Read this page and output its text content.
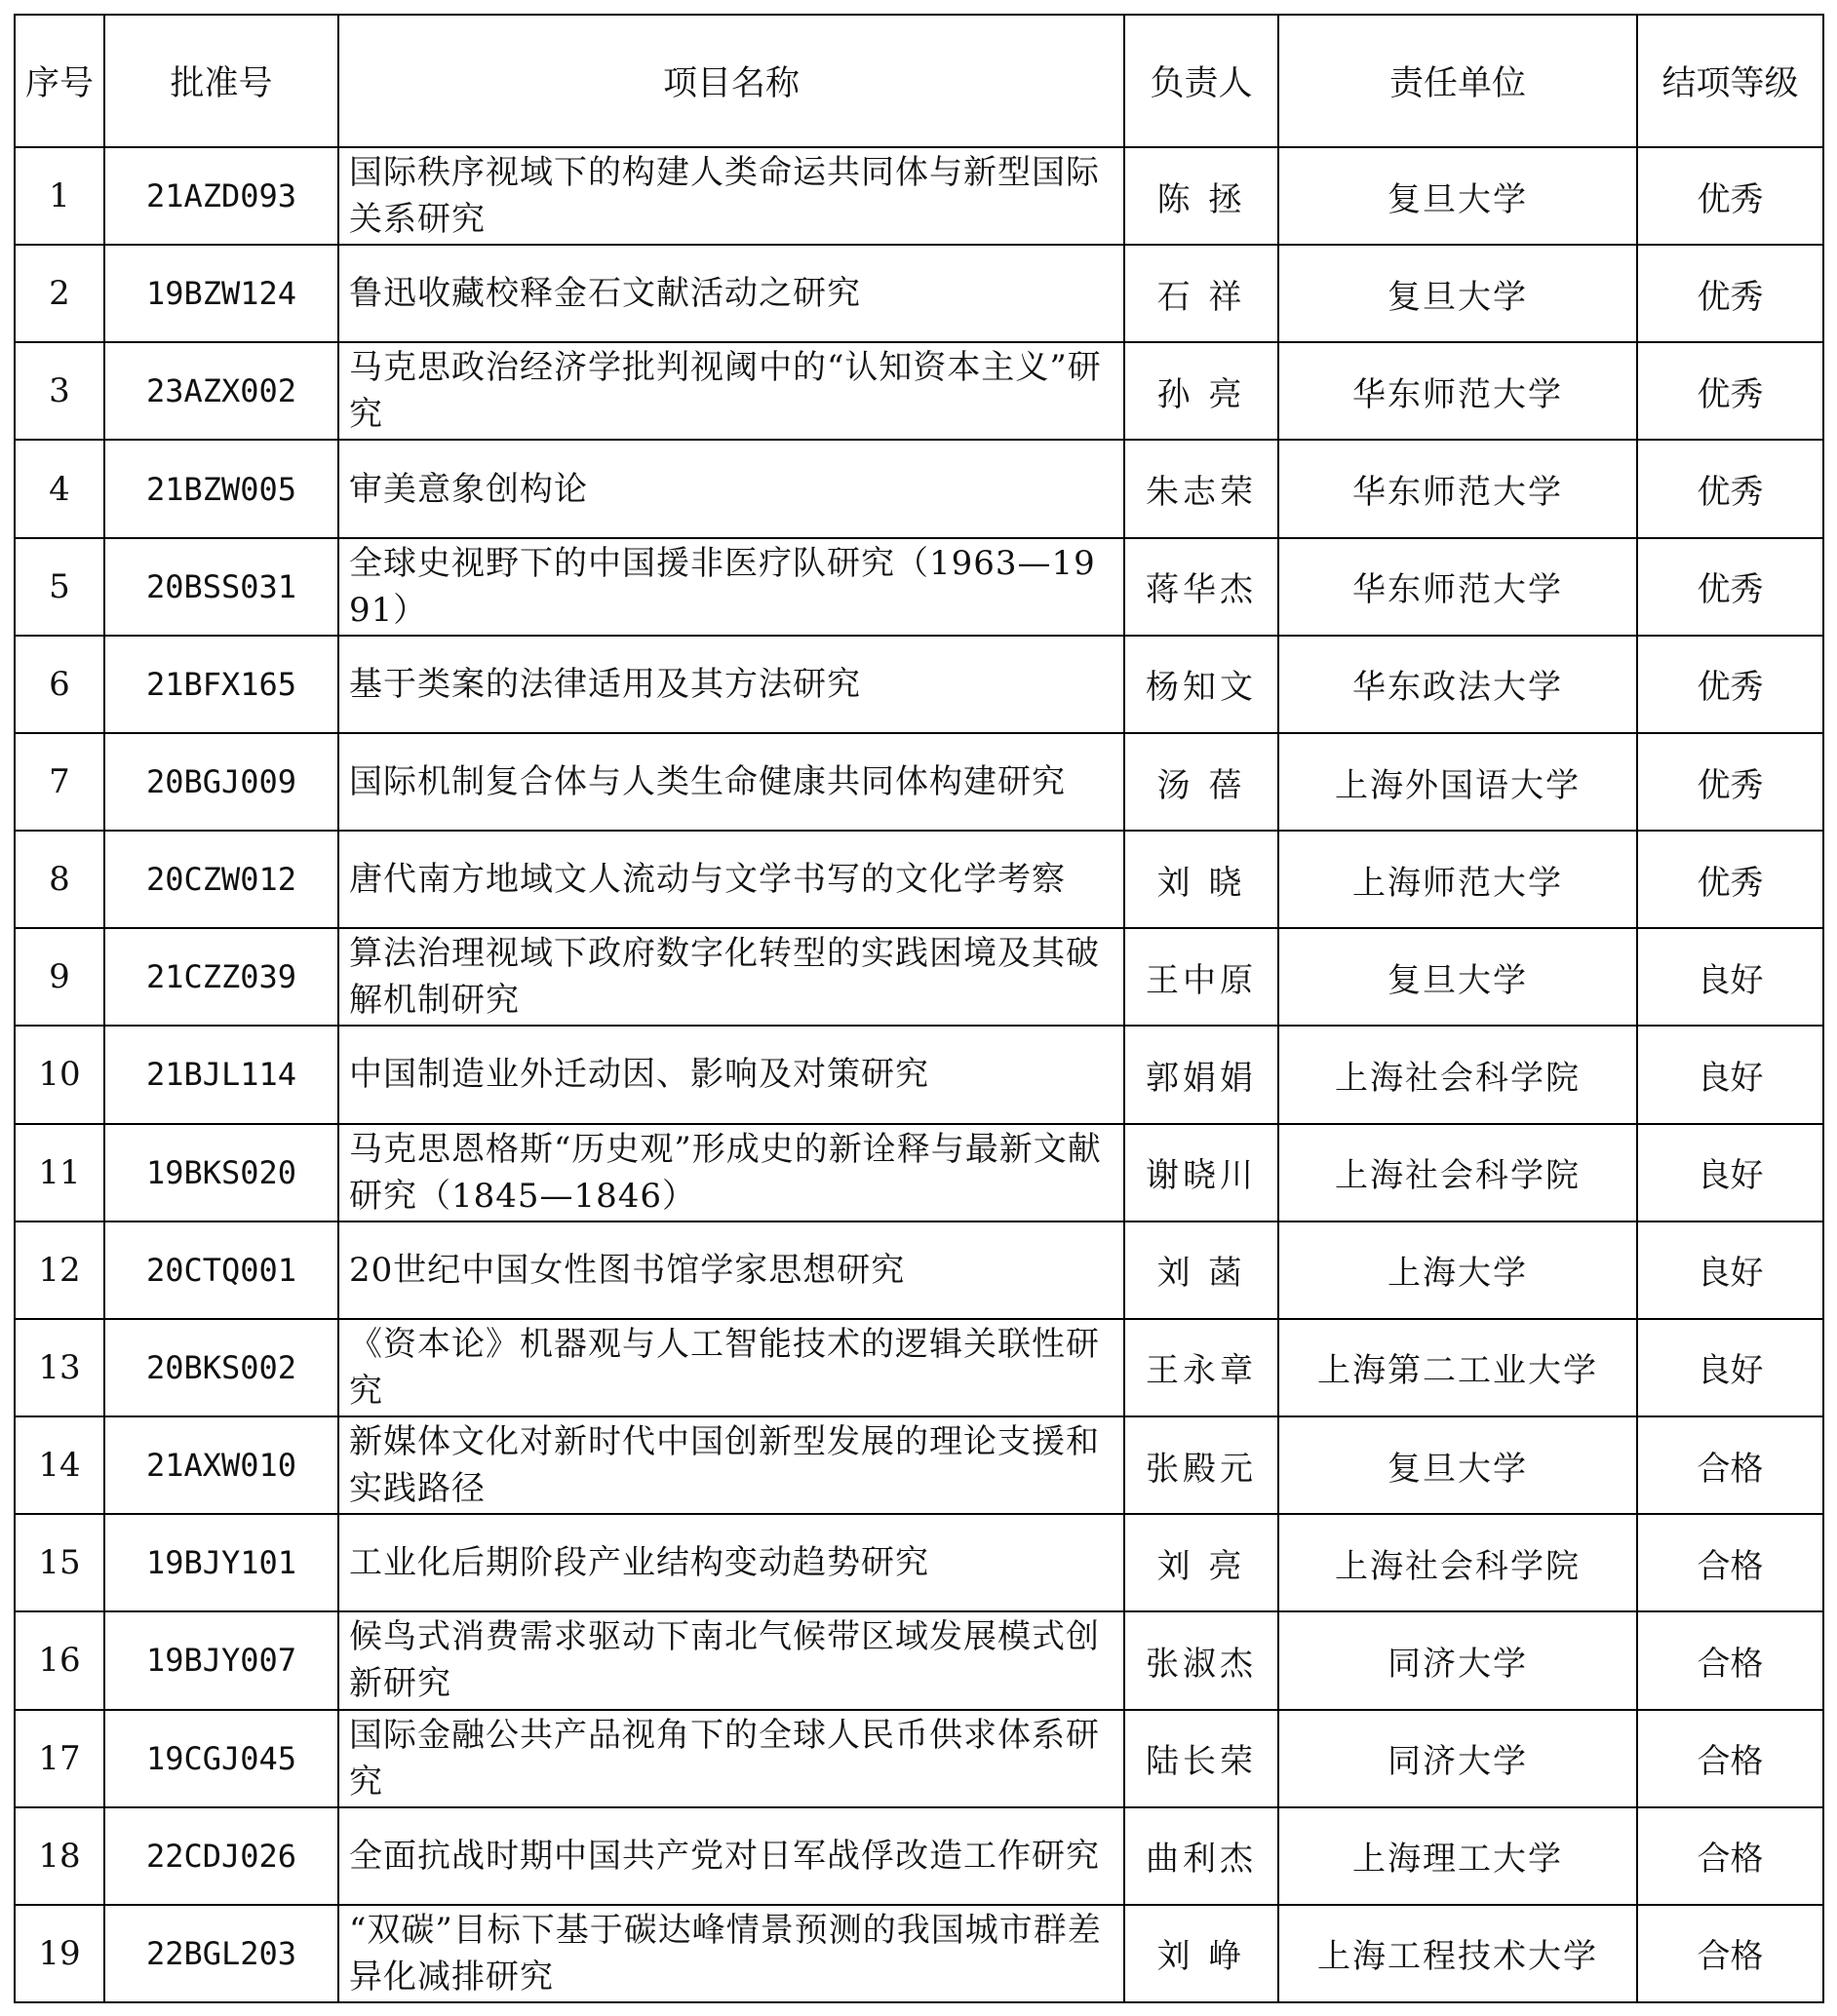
序号	批准号	项目名称	负责人	责任单位	结项等级
1	21AZD093	国际秩序视域下的构建人类命运共同体与新型国际关系研究	陈 拯	复旦大学	优秀
2	19BZW124	鲁迅收藏校释金石文献活动之研究	石 祥	复旦大学	优秀
3	23AZX002	马克思政治经济学批判视阈中的“认知资本主义”研究	孙 亮	华东师范大学	优秀
4	21BZW005	审美意象创构论	朱志荣	华东师范大学	优秀
5	20BSS031	全球史视野下的中国援非医疗队研究（1963—1991）	蒋华杰	华东师范大学	优秀
6	21BFX165	基于类案的法律适用及其方法研究	杨知文	华东政法大学	优秀
7	20BGJ009	国际机制复合体与人类生命健康共同体构建研究	汤 蓓	上海外国语大学	优秀
8	20CZW012	唐代南方地域文人流动与文学书写的文化学考察	刘 晓	上海师范大学	优秀
9	21CZZ039	算法治理视域下政府数字化转型的实践困境及其破解机制研究	王中原	复旦大学	良好
10	21BJL114	中国制造业外迁动因、影响及对策研究	郭娟娟	上海社会科学院	良好
11	19BKS020	马克思恩格斯“历史观”形成史的新诠释与最新文献研究（1845—1846）	谢晓川	上海社会科学院	良好
12	20CTQ001	20世纪中国女性图书馆学家思想研究	刘 菡	上海大学	良好
13	20BKS002	《资本论》机器观与人工智能技术的逻辑关联性研究	王永章	上海第二工业大学	良好
14	21AXW010	新媒体文化对新时代中国创新型发展的理论支援和实践路径	张殿元	复旦大学	合格
15	19BJY101	工业化后期阶段产业结构变动趋势研究	刘 亮	上海社会科学院	合格
16	19BJY007	候鸟式消费需求驱动下南北气候带区域发展模式创新研究	张淑杰	同济大学	合格
17	19CGJ045	国际金融公共产品视角下的全球人民币供求体系研究	陆长荣	同济大学	合格
18	22CDJ026	全面抗战时期中国共产党对日军战俘改造工作研究	曲利杰	上海理工大学	合格
19	22BGL203	“双碳”目标下基于碳达峰情景预测的我国城市群差异化减排研究	刘 峥	上海工程技术大学	合格
